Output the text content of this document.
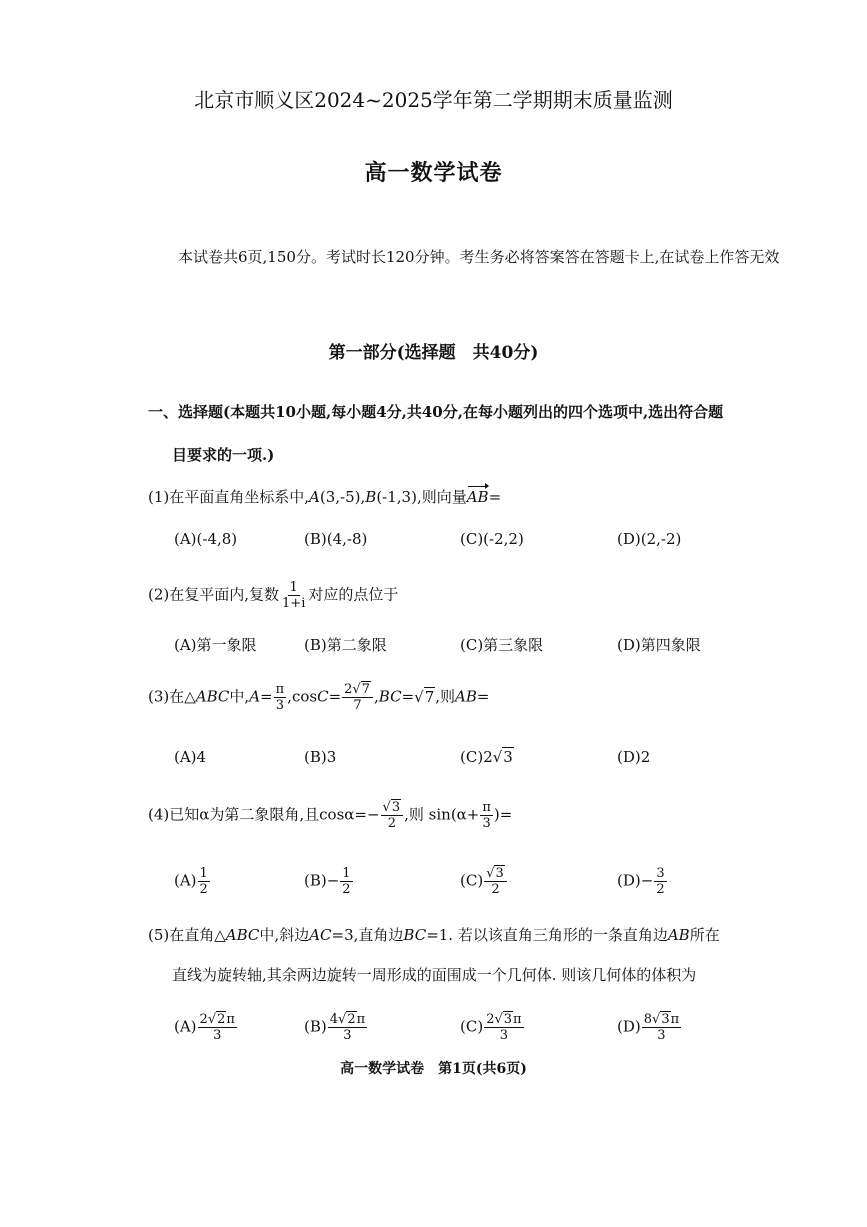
北京市顺义区2024~2025学年第二学期期末质量监测
高一数学试卷
本试卷共6页,150分。考试时长120分钟。考生务必将答案答在答题卡上,在试卷上作答无效
第一部分(选择题　共40分)
一、选择题(本题共10小题,每小题4分,共40分,在每小题列出的四个选项中,选出符合题
目要求的一项.)
(1)在平面直角坐标系中,A(3,-5),B(-1,3),则向量AB=
(A)(-4,8)	(B)(4,-8)	(C)(-2,2)	(D)(2,-2)
(2)在复平面内,复数 $\frac{1}{1+i}$ 对应的点位于
(A)第一象限	(B)第二象限	(C)第三象限	(D)第四象限
(3)在△ABC中$,A= \frac{\pi}{3} ,\cos C= \frac{2√7}{7} ,BC=√7$,则AB=
(A)4	(B)3	(C)2√3	(D)2
(4)已知α为第二象限角,且$\cos\alpha=- \frac{√3}{2}$ ,则 $\sin(\alpha+ \frac{\pi}{3}$ )=
$(A) \frac{1}{2}$	$(B)- \frac{1}{2}$	$(C) \frac{√3}{2}$	$(D)- \frac{3}{2}$
(5)在直角△ABC中,斜边AC=3,直角边BC=1. 若以该直角三角形的一条直角边AB所在
直线为旋转轴,其余两边旋转一周形成的面围成一个几何体. 则该几何体的体积为
$(A) \frac{2√2\pi}{3}$	$(B) \frac{4√2\pi}{3}$	$(C) \frac{2√3\pi}{3}$	$(D) \frac{8√3\pi}{3}$
高一数学试卷　第1页(共6页)
